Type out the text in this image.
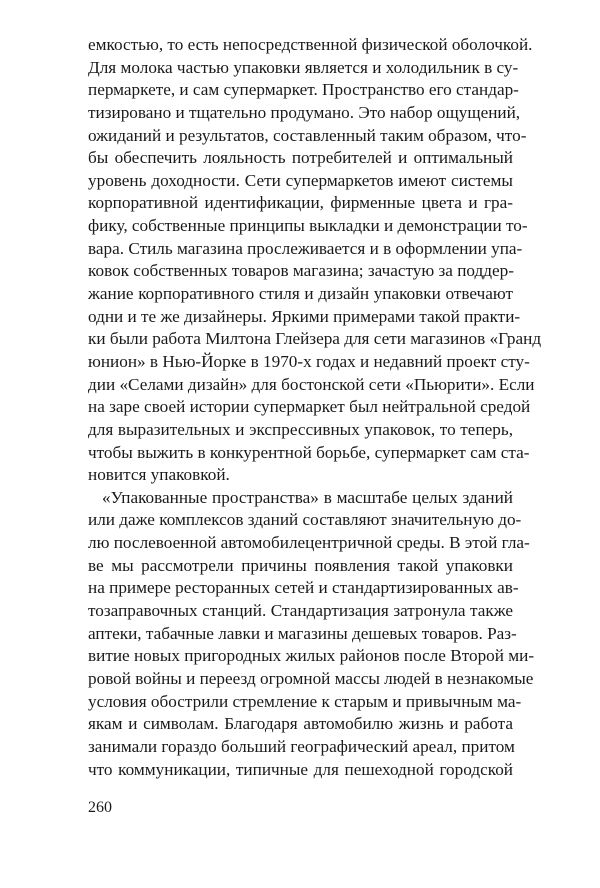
емкостью, то есть непосредственной физической оболочкой.
Для молока частью упаковки является и холодильник в су-
пермаркете, и сам супермаркет. Пространство его стандар-
тизировано и тщательно продумано. Это набор ощущений,
ожиданий и результатов, составленный таким образом, что-
бы обеспечить лояльность потребителей и оптимальный
уровень доходности. Сети супермаркетов имеют системы
корпоративной идентификации, фирменные цвета и гра-
фику, собственные принципы выкладки и демонстрации то-
вара. Стиль магазина прослеживается и в оформлении упа-
ковок собственных товаров магазина; зачастую за поддер-
жание корпоративного стиля и дизайн упаковки отвечают
одни и те же дизайнеры. Яркими примерами такой практи-
ки были работа Милтона Глейзера для сети магазинов «Гранд
юнион» в Нью-Йорке в 1970-х годах и недавний проект сту-
дии «Селами дизайн» для бостонской сети «Пьюрити». Если
на заре своей истории супермаркет был нейтральной средой
для выразительных и экспрессивных упаковок, то теперь,
чтобы выжить в конкурентной борьбе, супермаркет сам ста-
новится упаковкой.
«Упакованные пространства» в масштабе целых зданий
или даже комплексов зданий составляют значительную до-
лю послевоенной автомобилецентричной среды. В этой гла-
ве мы рассмотрели причины появления такой упаковки
на примере ресторанных сетей и стандартизированных ав-
тозаправочных станций. Стандартизация затронула также
аптеки, табачные лавки и магазины дешевых товаров. Раз-
витие новых пригородных жилых районов после Второй ми-
ровой войны и переезд огромной массы людей в незнакомые
условия обострили стремление к старым и привычным ма-
якам и символам. Благодаря автомобилю жизнь и работа
занимали гораздо больший географический ареал, притом
что коммуникации, типичные для пешеходной городской
260
